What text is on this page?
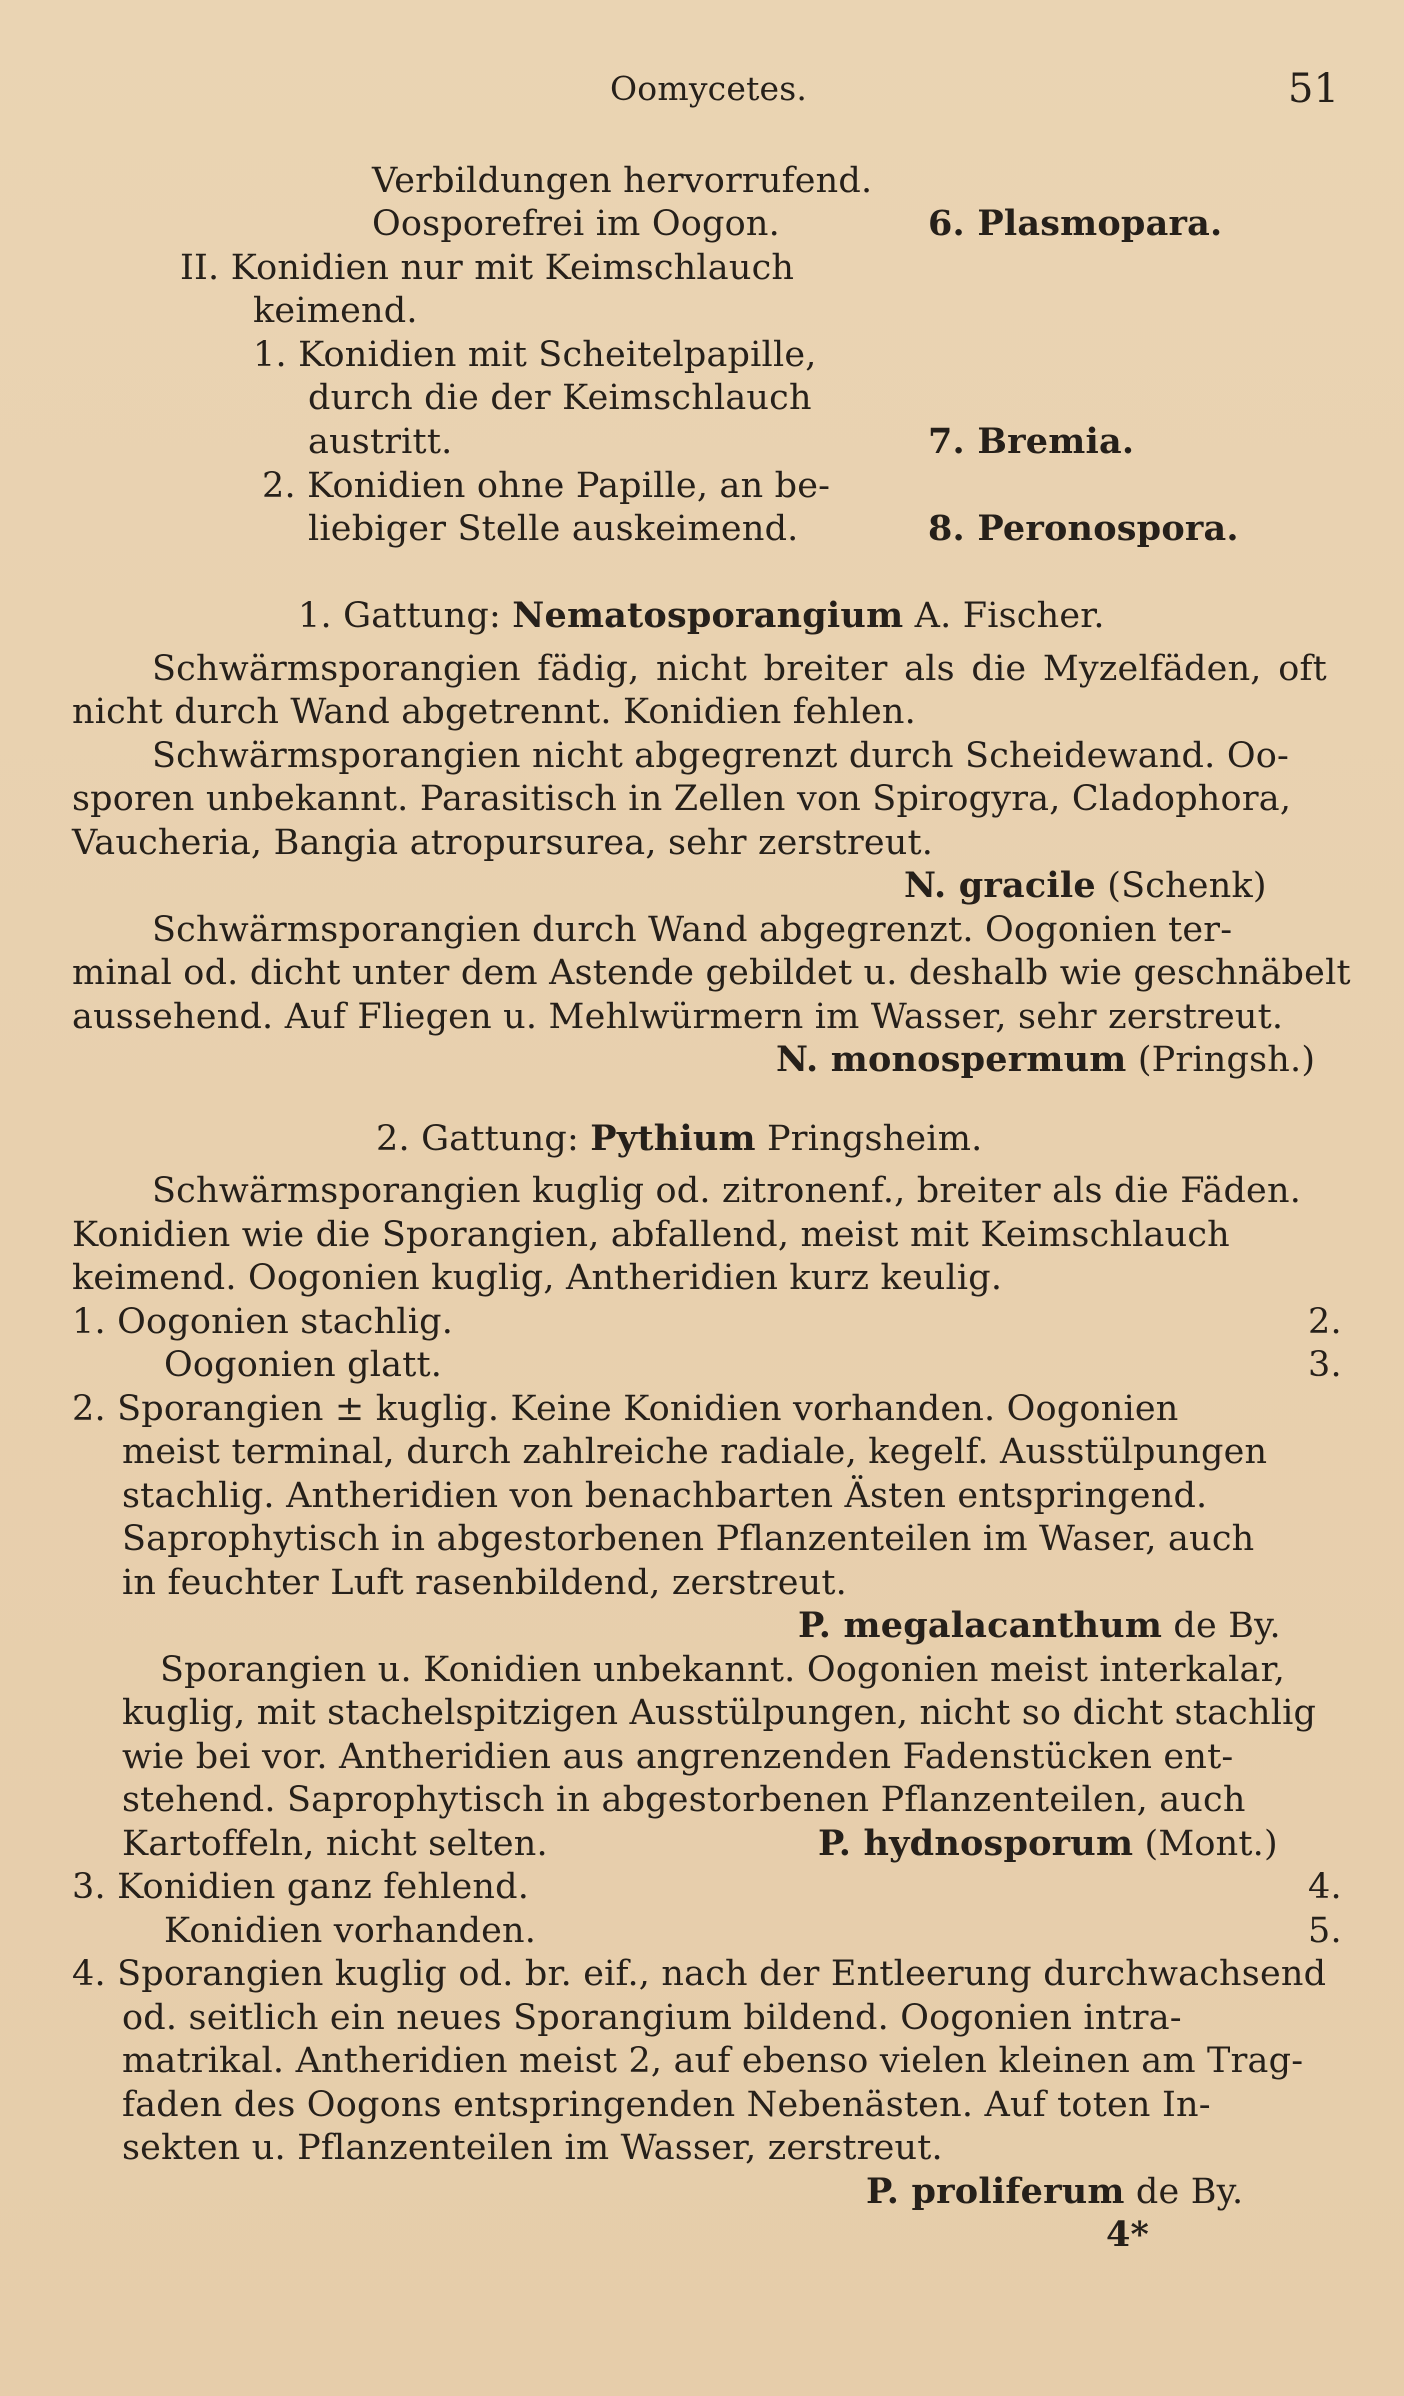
Oomycetes.	51
Verbildungen hervorrufend.
Oosporefrei im Oogon.	6. Plasmopara.
II. Konidien nur mit Keimschlauch
keimend.
1. Konidien mit Scheitelpapille,
durch die der Keimschlauch
austritt.	7. Bremia.
2. Konidien ohne Papille, an be-
liebiger Stelle auskeimend.	8. Peronospora.
1. Gattung: Nematosporangium A. Fischer.
Schwärmsporangien fädig, nicht breiter als die Myzelfäden, oft
nicht durch Wand abgetrennt. Konidien fehlen.
Schwärmsporangien nicht abgegrenzt durch Scheidewand. Oo-
sporen unbekannt. Parasitisch in Zellen von Spirogyra, Cladophora,
Vaucheria, Bangia atropursurea, sehr zerstreut.
N. gracile (Schenk)
Schwärmsporangien durch Wand abgegrenzt. Oogonien ter-
minal od. dicht unter dem Astende gebildet u. deshalb wie geschnäbelt
aussehend. Auf Fliegen u. Mehlwürmern im Wasser, sehr zerstreut.
N. monospermum (Pringsh.)
2. Gattung: Pythium Pringsheim.
Schwärmsporangien kuglig od. zitronenf., breiter als die Fäden.
Konidien wie die Sporangien, abfallend, meist mit Keimschlauch
keimend. Oogonien kuglig, Antheridien kurz keulig.
1. Oogonien stachlig.	2.
Oogonien glatt.	3.
2. Sporangien ± kuglig. Keine Konidien vorhanden. Oogonien
meist terminal, durch zahlreiche radiale, kegelf. Ausstülpungen
stachlig. Antheridien von benachbarten Ästen entspringend.
Saprophytisch in abgestorbenen Pflanzenteilen im Waser, auch
in feuchter Luft rasenbildend, zerstreut.
P. megalacanthum de By.
Sporangien u. Konidien unbekannt. Oogonien meist interkalar,
kuglig, mit stachelspitzigen Ausstülpungen, nicht so dicht stachlig
wie bei vor. Antheridien aus angrenzenden Fadenstücken ent-
stehend. Saprophytisch in abgestorbenen Pflanzenteilen, auch
Kartoffeln, nicht selten.	P. hydnosporum (Mont.)
3. Konidien ganz fehlend.	4.
Konidien vorhanden.	5.
4. Sporangien kuglig od. br. eif., nach der Entleerung durchwachsend
od. seitlich ein neues Sporangium bildend. Oogonien intra-
matrikal. Antheridien meist 2, auf ebenso vielen kleinen am Trag-
faden des Oogons entspringenden Nebenästen. Auf toten In-
sekten u. Pflanzenteilen im Wasser, zerstreut.
P. proliferum de By.
4*
